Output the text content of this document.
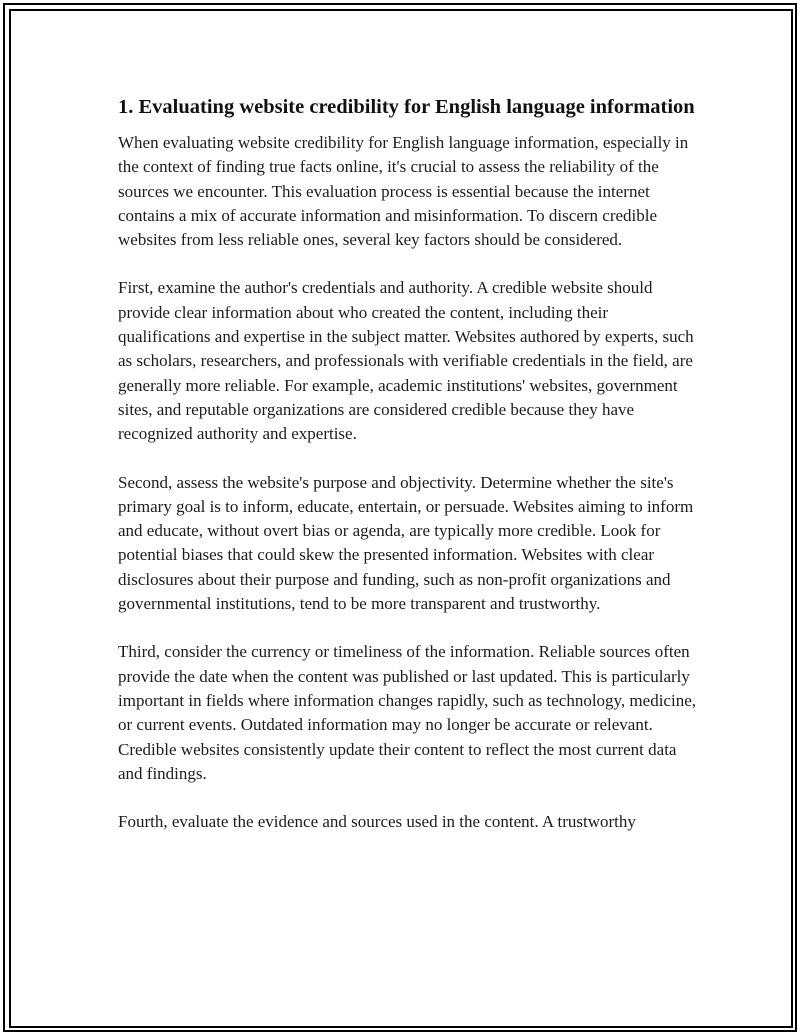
1. Evaluating website credibility for English language information

When evaluating website credibility for English language information, especially in the context of finding true facts online, it's crucial to assess the reliability of the sources we encounter. This evaluation process is essential because the internet contains a mix of accurate information and misinformation. To discern credible websites from less reliable ones, several key factors should be considered.

First, examine the author's credentials and authority. A credible website should provide clear information about who created the content, including their qualifications and expertise in the subject matter. Websites authored by experts, such as scholars, researchers, and professionals with verifiable credentials in the field, are generally more reliable. For example, academic institutions' websites, government sites, and reputable organizations are considered credible because they have recognized authority and expertise.

Second, assess the website's purpose and objectivity. Determine whether the site's primary goal is to inform, educate, entertain, or persuade. Websites aiming to inform and educate, without overt bias or agenda, are typically more credible. Look for potential biases that could skew the presented information. Websites with clear disclosures about their purpose and funding, such as non-profit organizations and governmental institutions, tend to be more transparent and trustworthy.

Third, consider the currency or timeliness of the information. Reliable sources often provide the date when the content was published or last updated. This is particularly important in fields where information changes rapidly, such as technology, medicine, or current events. Outdated information may no longer be accurate or relevant. Credible websites consistently update their content to reflect the most current data and findings.

Fourth, evaluate the evidence and sources used in the content. A trustworthy
